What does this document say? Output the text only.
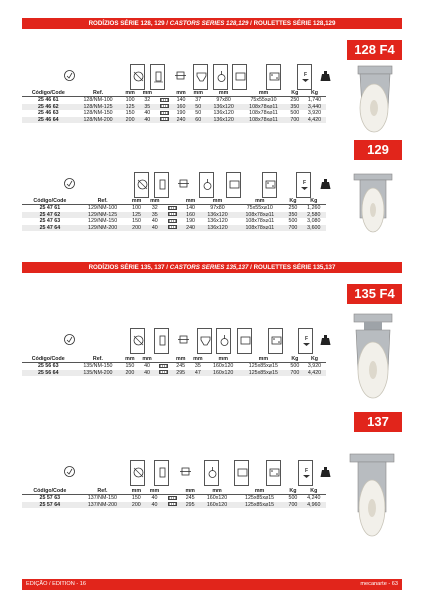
RODÍZIOS SÉRIE 128, 129 / CASTORS SERIES 128,129 / ROULETTES SÉRIE 128,129
128 F4
F
Código/Code	Ref.	mm	mm		mm	mm	mm	mm	Kg	Kg
25 46 61	128/NM-100	100	32		140	37	97x80	75x55x⌀10	250	1,740
25 46 62	128/NM-125	125	35		160	50	136x120	108x78x⌀11	350	3,440
25 46 63	128/NM-150	150	40		190	50	136x120	108x78x⌀11	500	3,920
25 46 64	128/NM-200	200	40		240	60	136x120	108x78x⌀11	700	4,420
129
F
Código/Code	Ref.	mm	mm		mm	mm	mm	Kg	Kg
25 47 61	129/NM-100	100	32		140	97x80	75x55x⌀10	250	1,260
25 47 62	129/NM-125	125	35		160	136x120	108x78x⌀11	350	2,580
25 47 63	129/NM-150	150	40		190	136x120	108x78x⌀11	500	3,080
25 47 64	129/NM-200	200	40		240	136x120	108x78x⌀11	700	3,600
RODÍZIOS SÉRIE 135, 137 / CASTORS SERIES 135,137 / ROULETTES SÉRIE 135,137
135 F4
F
Código/Code	Ref.	mm	mm		mm	mm	mm	mm	Kg	Kg
25 56 63	135/NM-150	150	40		245	35	160x120	125x85x⌀15	500	3,920
25 56 64	135/NM-200	200	40		295	47	160x120	125x85x⌀15	700	4,420
137
F
Código/Code	Ref.	mm	mm		mm	mm	mm	Kg	Kg
25 57 63	137/NM-150	150	40		245	160x120	125x85x⌀15	500	4,240
25 57 64	137/NM-200	200	40		295	160x120	125x85x⌀15	700	4,960
EDIÇÃO / EDITION - 16	mecanarte - 63
